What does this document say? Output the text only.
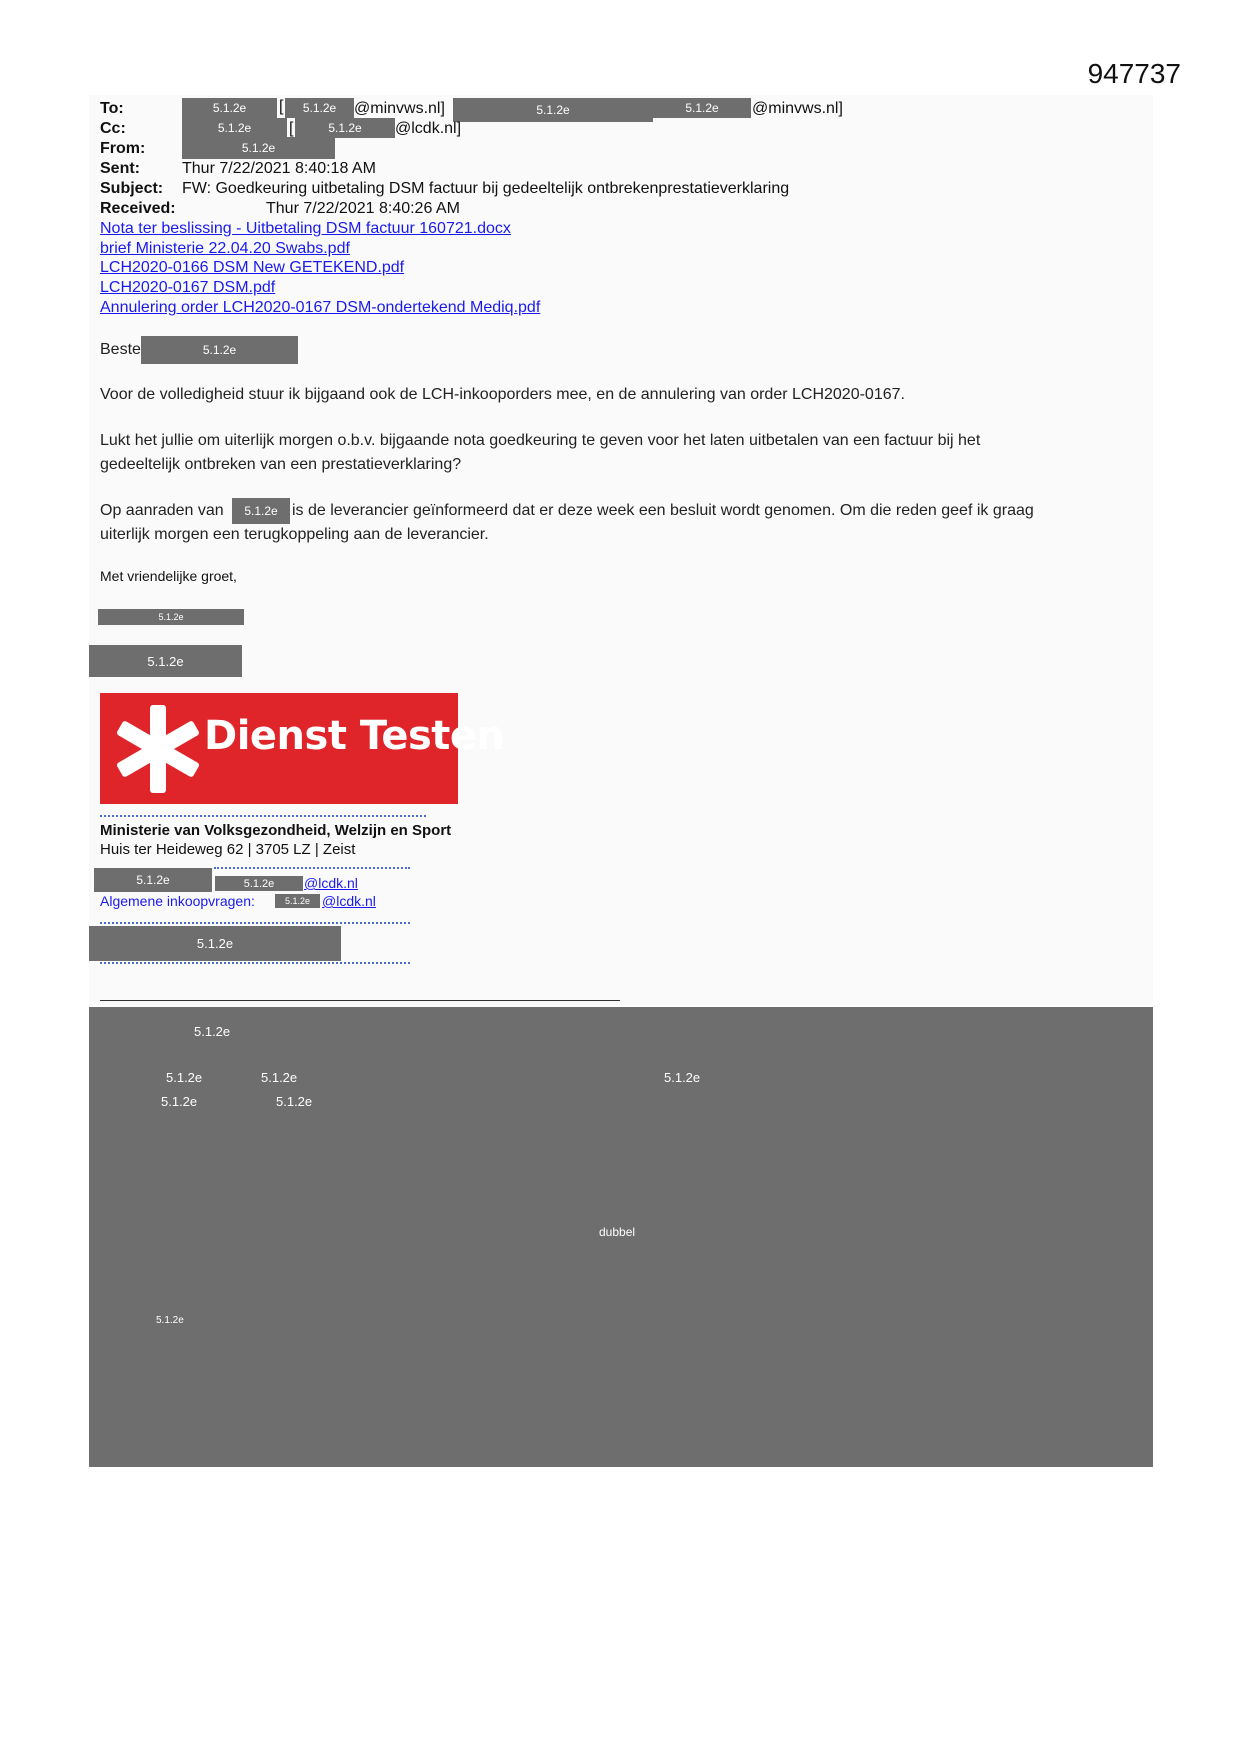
947737
To:	5.1.2e	[	5.1.2e	@minvws.nl]	5.1.2e	5.1.2e	@minvws.nl]
Cc:	5.1.2e	[	5.1.2e	@lcdk.nl]
From:	5.1.2e
Sent:	Thur 7/22/2021 8:40:18 AM
Subject: FW: Goedkeuring uitbetaling DSM factuur bij gedeeltelijk ontbrekenprestatieverklaring
Received:	Thur 7/22/2021 8:40:26 AM
Nota ter beslissing - Uitbetaling DSM factuur 160721.docx
brief Ministerie 22.04.20 Swabs.pdf
LCH2020-0166 DSM New GETEKEND.pdf
LCH2020-0167 DSM.pdf
Annulering order LCH2020-0167 DSM-ondertekend Mediq.pdf
Beste	5.1.2e
Voor de volledigheid stuur ik bijgaand ook de LCH-inkooporders mee, en de annulering van order LCH2020-0167.
Lukt het jullie om uiterlijk morgen o.b.v. bijgaande nota goedkeuring te geven voor het laten uitbetalen van een factuur bij het
gedeeltelijk ontbreken van een prestatieverklaring?
Op aanraden van	5.1.2e is de leverancier geïnformeerd dat er deze week een besluit wordt genomen. Om die reden geef ik graag
uiterlijk morgen een terugkoppeling aan de leverancier.
Met vriendelijke groet,
5.1.2e
5.1.2e
Dienst Testen
Ministerie van Volksgezondheid, Welzijn en Sport
Huis ter Heideweg 62 | 3705 LZ | Zeist
5.1.2e	5.1.2e	@lcdk.nl
Algemene inkoopvragen:	5.1.2e @lcdk.nl
5.1.2e
5.1.2e
5.1.2e	5.1.2e	5.1.2e
5.1.2e	5.1.2e
dubbel
5.1.2e
